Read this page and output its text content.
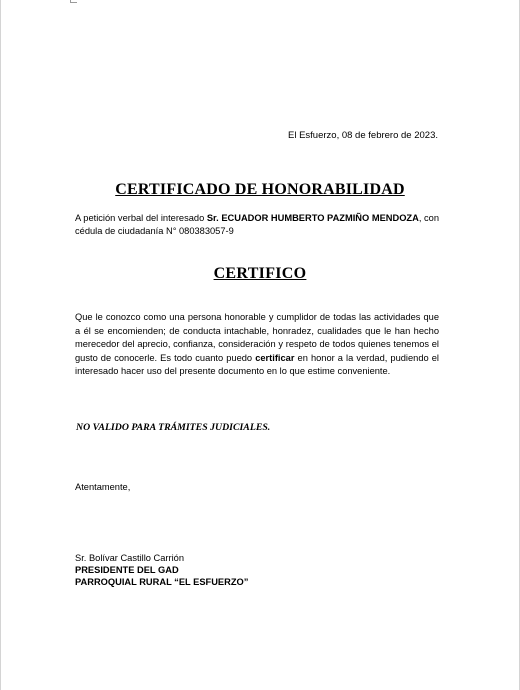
El Esfuerzo, 08 de febrero de 2023.
CERTIFICADO DE HONORABILIDAD
A petición verbal del interesado Sr. ECUADOR HUMBERTO PAZMIÑO MENDOZA, con cédula de ciudadanía N° 080383057-9
CERTIFICO
Que le conozco como una persona honorable y cumplidor de todas las actividades que a él se encomienden; de conducta intachable, honradez, cualidades que le han hecho merecedor del aprecio, confianza, consideración y respeto de todos quienes tenemos el gusto de conocerle. Es todo cuanto puedo certificar en honor a la verdad, pudiendo el interesado hacer uso del presente documento en lo que estime conveniente.
NO VALIDO PARA TRÁMITES JUDICIALES.
Atentamente,
Sr. Bolívar Castillo Carrión
PRESIDENTE DEL GAD
PARROQUIAL RURAL “EL ESFUERZO”
